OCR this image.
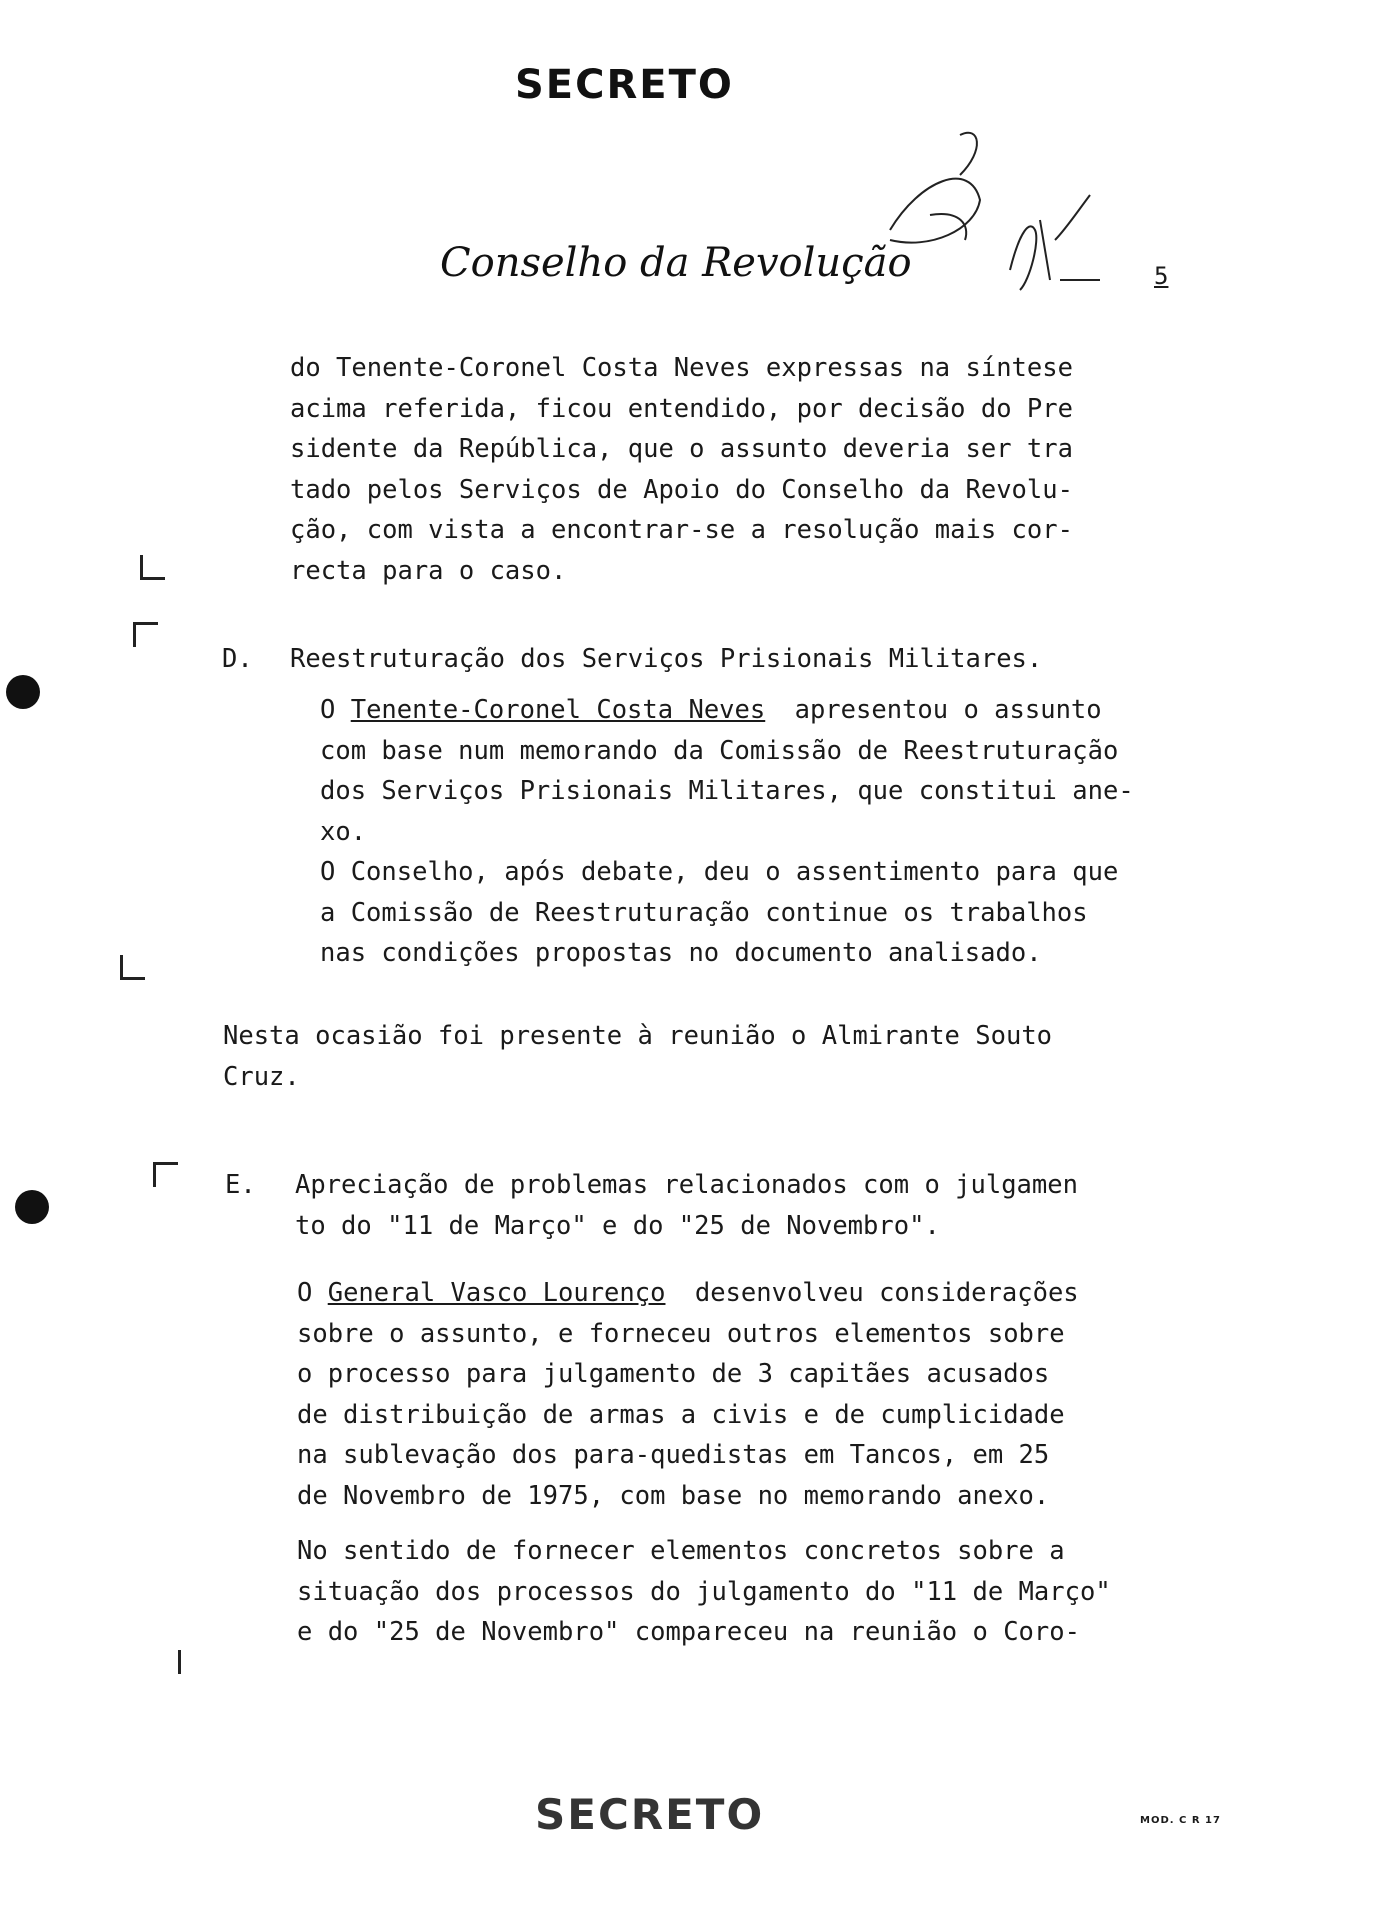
SECRETO
Conselho da Revolução	5
do Tenente-Coronel Costa Neves expressas na síntese
acima referida, ficou entendido, por decisão do Pre
sidente da República, que o assunto deveria ser tra
tado pelos Serviços de Apoio do Conselho da Revolu-
ção, com vista a encontrar-se a resolução mais cor-
recta para o caso.
D. Reestruturação dos Serviços Prisionais Militares.
O Tenente-Coronel Costa Neves apresentou o assunto
com base num memorando da Comissão de Reestruturação
dos Serviços Prisionais Militares, que constitui ane-
xo.
O Conselho, após debate, deu o assentimento para que
a Comissão de Reestruturação continue os trabalhos
nas condições propostas no documento analisado.
Nesta ocasião foi presente à reunião o Almirante Souto
Cruz.
E. Apreciação de problemas relacionados com o julgamen
to do "11 de Março" e do "25 de Novembro".
O General Vasco Lourenço desenvolveu considerações
sobre o assunto, e forneceu outros elementos sobre
o processo para julgamento de 3 capitães acusados
de distribuição de armas a civis e de cumplicidade
na sublevação dos para-quedistas em Tancos, em 25
de Novembro de 1975, com base no memorando anexo.
No sentido de fornecer elementos concretos sobre a
situação dos processos do julgamento do "11 de Março"
e do "25 de Novembro" compareceu na reunião o Coro-
SECRETO	MOD. C R 17
